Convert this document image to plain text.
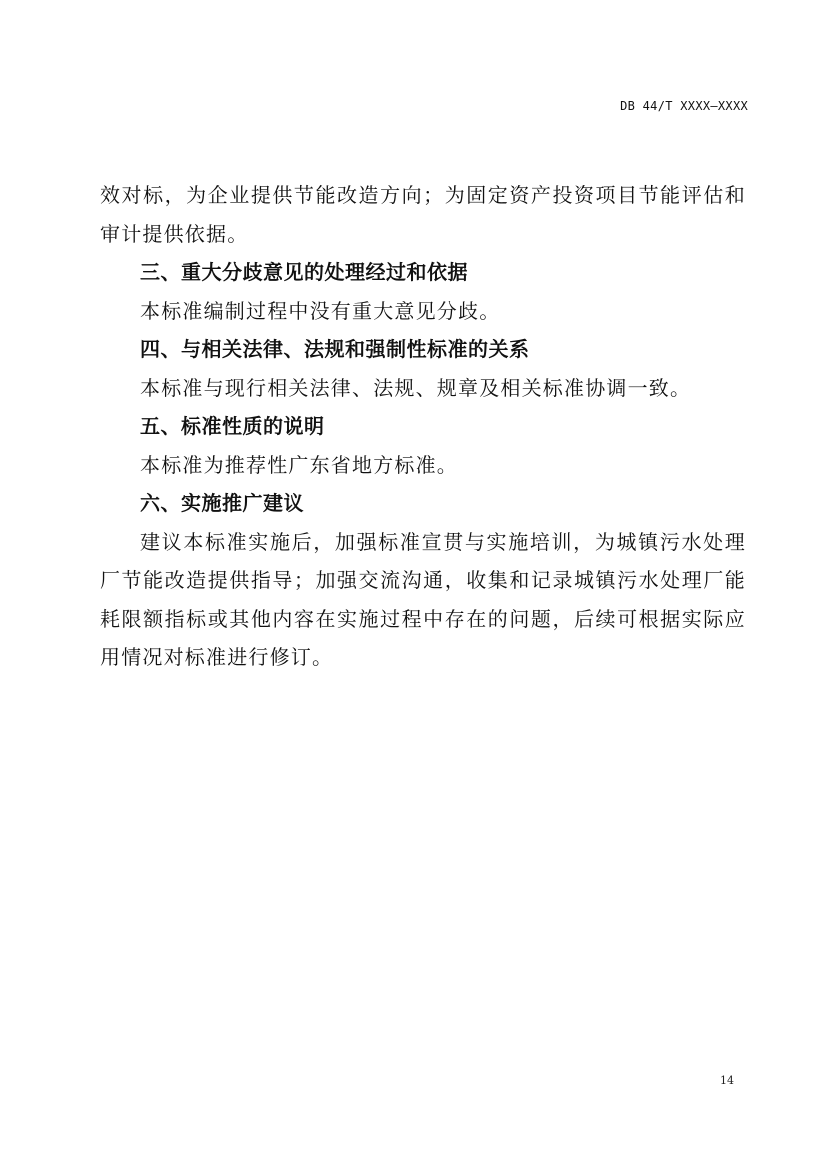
DB 44/T XXXX—XXXX

效对标，为企业提供节能改造方向；为固定资产投资项目节能评估和审计提供依据。

三、重大分歧意见的处理经过和依据

本标准编制过程中没有重大意见分歧。

四、与相关法律、法规和强制性标准的关系

本标准与现行相关法律、法规、规章及相关标准协调一致。

五、标准性质的说明

本标准为推荐性广东省地方标准。

六、实施推广建议

建议本标准实施后，加强标准宣贯与实施培训，为城镇污水处理厂节能改造提供指导；加强交流沟通，收集和记录城镇污水处理厂能耗限额指标或其他内容在实施过程中存在的问题，后续可根据实际应用情况对标准进行修订。

14
